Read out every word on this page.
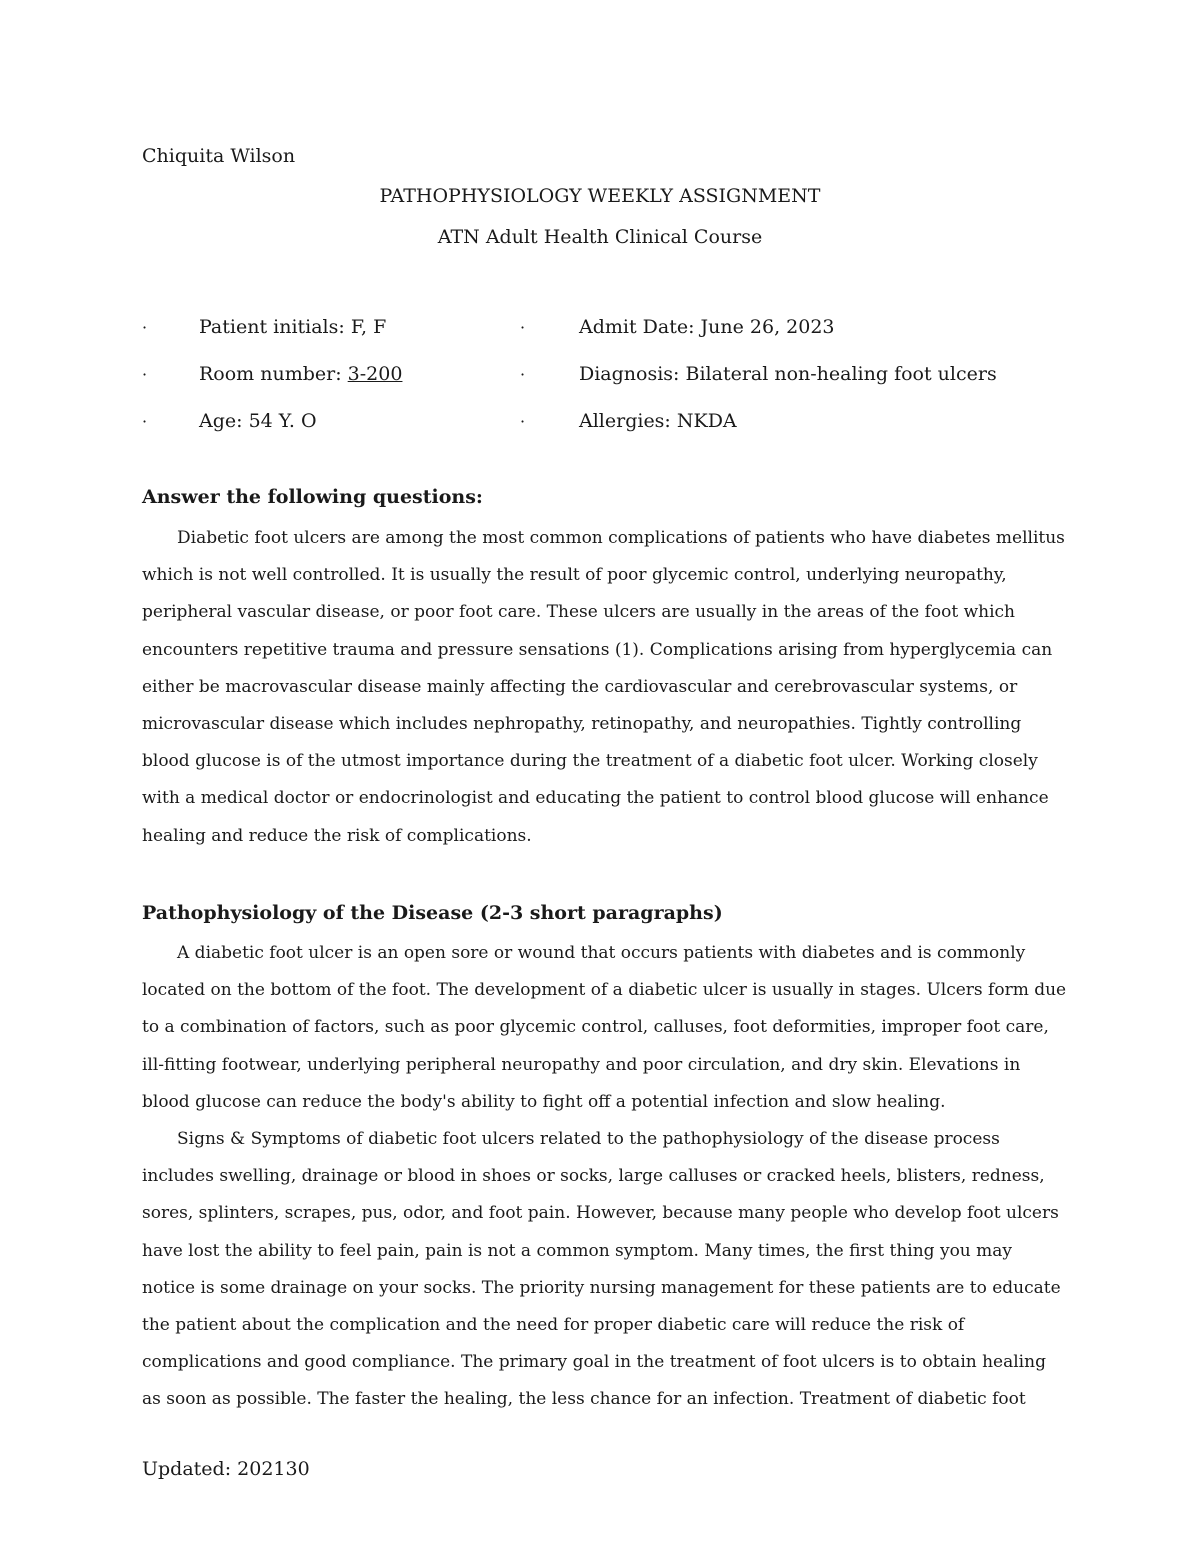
Chiquita Wilson
PATHOPHYSIOLOGY WEEKLY ASSIGNMENT
ATN Adult Health Clinical Course
·	Patient initials: F, F	·	Admit Date: June 26, 2023
·	Room number: 3-200	·	Diagnosis: Bilateral non-healing foot ulcers
·	Age: 54 Y. O	·	Allergies: NKDA
Answer the following questions:
Diabetic foot ulcers are among the most common complications of patients who have diabetes mellitus which is not well controlled. It is usually the result of poor glycemic control, underlying neuropathy, peripheral vascular disease, or poor foot care. These ulcers are usually in the areas of the foot which encounters repetitive trauma and pressure sensations (1). Complications arising from hyperglycemia can either be macrovascular disease mainly affecting the cardiovascular and cerebrovascular systems, or microvascular disease which includes nephropathy, retinopathy, and neuropathies. Tightly controlling blood glucose is of the utmost importance during the treatment of a diabetic foot ulcer. Working closely with a medical doctor or endocrinologist and educating the patient to control blood glucose will enhance healing and reduce the risk of complications.
Pathophysiology of the Disease (2-3 short paragraphs)
A diabetic foot ulcer is an open sore or wound that occurs patients with diabetes and is commonly located on the bottom of the foot. The development of a diabetic ulcer is usually in stages. Ulcers form due to a combination of factors, such as poor glycemic control, calluses, foot deformities, improper foot care, ill-fitting footwear, underlying peripheral neuropathy and poor circulation, and dry skin. Elevations in blood glucose can reduce the body's ability to fight off a potential infection and slow healing.
Signs & Symptoms of diabetic foot ulcers related to the pathophysiology of the disease process includes swelling, drainage or blood in shoes or socks, large calluses or cracked heels, blisters, redness, sores, splinters, scrapes, pus, odor, and foot pain. However, because many people who develop foot ulcers have lost the ability to feel pain, pain is not a common symptom. Many times, the first thing you may notice is some drainage on your socks. The priority nursing management for these patients are to educate the patient about the complication and the need for proper diabetic care will reduce the risk of complications and good compliance. The primary goal in the treatment of foot ulcers is to obtain healing as soon as possible. The faster the healing, the less chance for an infection. Treatment of diabetic foot
Updated: 202130
